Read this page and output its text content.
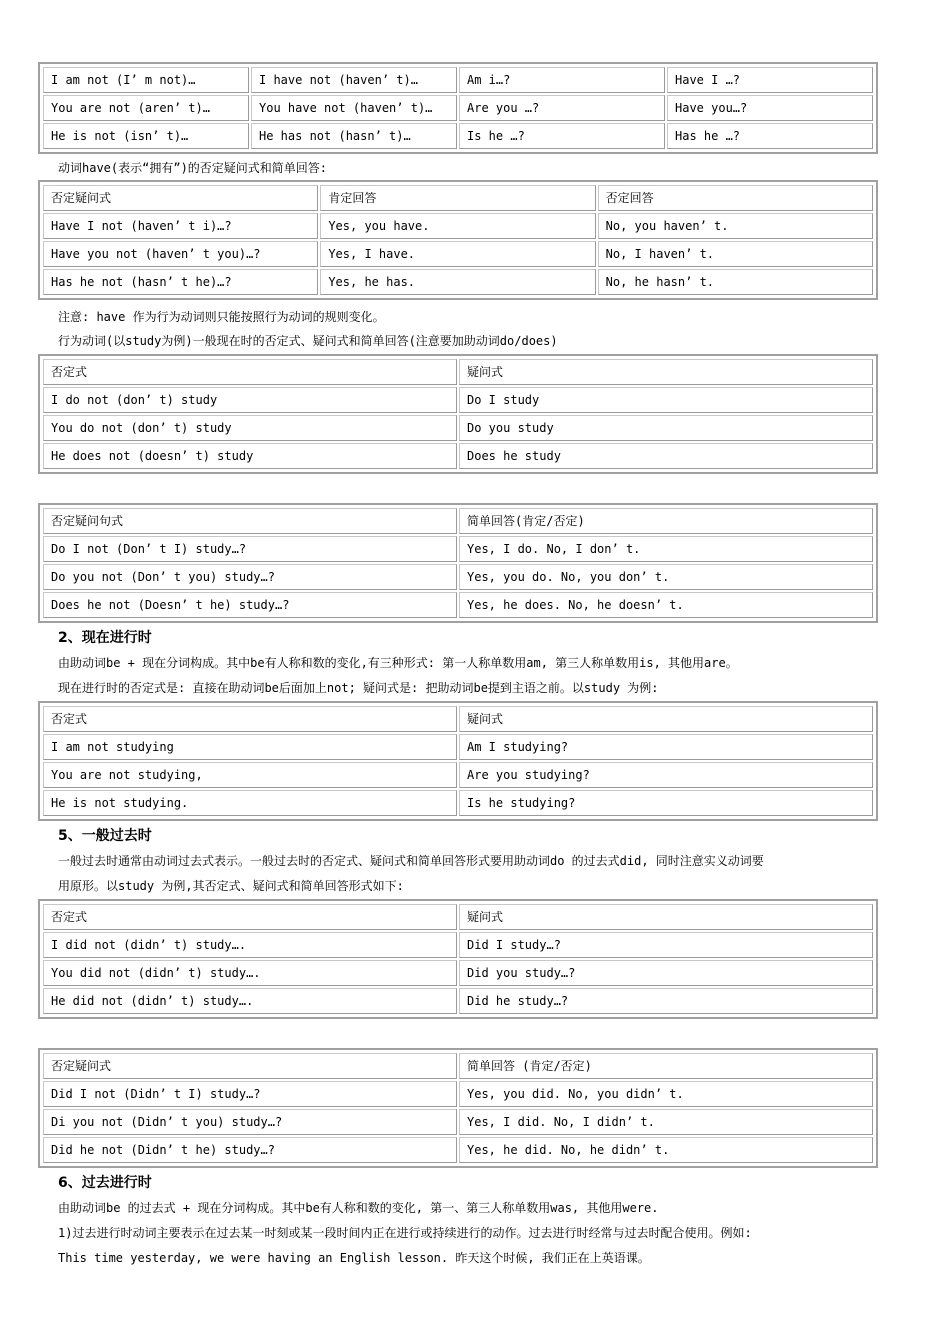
I am not (I’ m not)…	I have not (haven’ t)…	Am i…?	Have I …?
You are not (aren’ t)…	You have not (haven’ t)…	Are you …?	Have you…?
He is not (isn’ t)…	He has not (hasn’ t)…	Is he …?	Has he …?
动词have(表示“拥有”)的否定疑问式和简单回答:
否定疑问式	肯定回答	否定回答
Have I not (haven’ t i)…?	Yes, you have.	No, you haven’ t.
Have you not (haven’ t you)…?	Yes, I have.	No, I haven’ t.
Has he not (hasn’ t he)…?	Yes, he has.	No, he hasn’ t.
注意: have 作为行为动词则只能按照行为动词的规则变化。
行为动词(以study为例)一般现在时的否定式、疑问式和简单回答(注意要加助动词do/does)
否定式	疑问式
I do not (don’ t) study	Do I study
You do not (don’ t) study	Do you study
He does not (doesn’ t) study	Does he study
否定疑问句式	简单回答(肯定/否定)
Do I not (Don’ t I) study…?	Yes, I do. No, I don’ t.
Do you not (Don’ t you) study…?	Yes, you do. No, you don’ t.
Does he not (Doesn’ t he) study…?	Yes, he does. No, he doesn’ t.
2、现在进行时
由助动词be + 现在分词构成。其中be有人称和数的变化,有三种形式: 第一人称单数用am, 第三人称单数用is, 其他用are。
现在进行时的否定式是: 直接在助动词be后面加上not; 疑问式是: 把助动词be提到主语之前。以study 为例:
否定式	疑问式
I am not studying	Am I studying?
You are not studying,	Are you studying?
He is not studying.	Is he studying?
5、一般过去时
一般过去时通常由动词过去式表示。一般过去时的否定式、疑问式和简单回答形式要用助动词do 的过去式did, 同时注意实义动词要
用原形。以study 为例,其否定式、疑问式和简单回答形式如下:
否定式	疑问式
I did not (didn’ t) study….	Did I study…?
You did not (didn’ t) study….	Did you study…?
He did not (didn’ t) study….	Did he study…?
否定疑问式	简单回答 (肯定/否定)
Did I not (Didn’ t I) study…?	Yes, you did. No, you didn’ t.
Di you not (Didn’ t you) study…?	Yes, I did. No, I didn’ t.
Did he not (Didn’ t he) study…?	Yes, he did. No, he didn’ t.
6、过去进行时
由助动词be 的过去式 + 现在分词构成。其中be有人称和数的变化, 第一、第三人称单数用was, 其他用were.
1)过去进行时动词主要表示在过去某一时刻或某一段时间内正在进行或持续进行的动作。过去进行时经常与过去时配合使用。例如:
This time yesterday, we were having an English lesson. 昨天这个时候, 我们正在上英语课。
